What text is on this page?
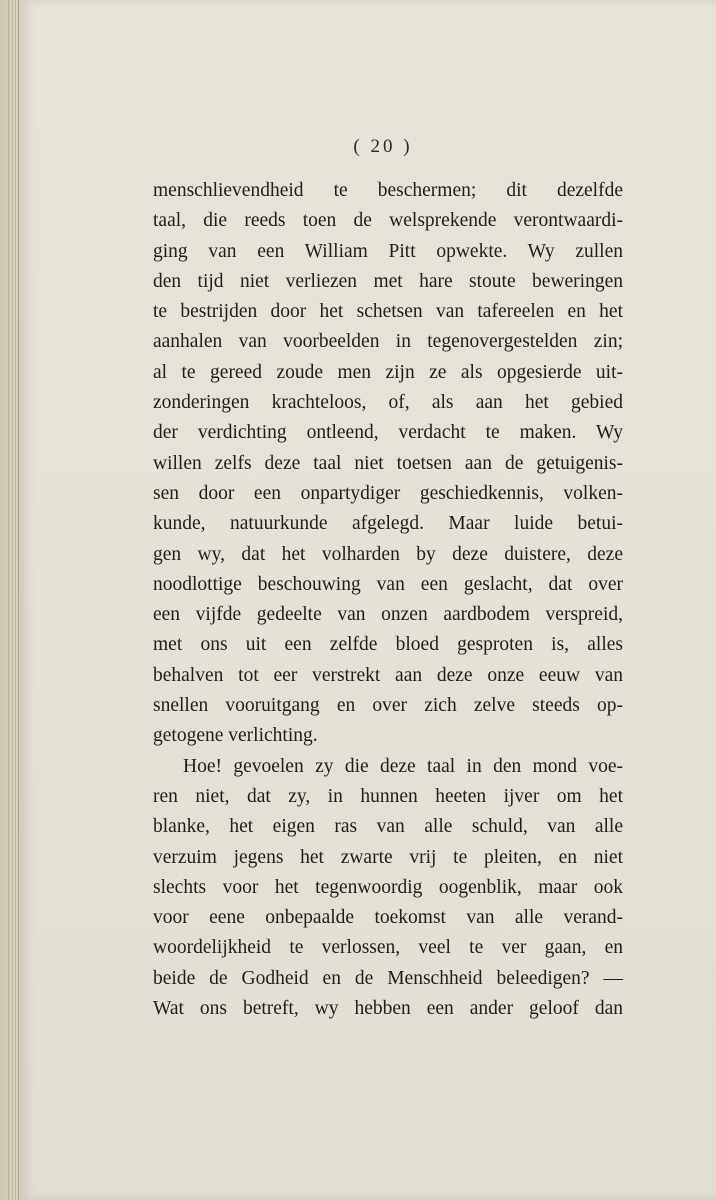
( 20 )
menschlievendheid te beschermen; dit dezelfde
taal, die reeds toen de welsprekende verontwaardi-
ging van een William Pitt opwekte. Wy zullen
den tijd niet verliezen met hare stoute beweringen
te bestrijden door het schetsen van tafereelen en het
aanhalen van voorbeelden in tegenovergestelden zin;
al te gereed zoude men zijn ze als opgesierde uit-
zonderingen krachteloos, of, als aan het gebied
der verdichting ontleend, verdacht te maken. Wy
willen zelfs deze taal niet toetsen aan de getuigenis-
sen door een onpartydiger geschiedkennis, volken-
kunde, natuurkunde afgelegd. Maar luide betui-
gen wy, dat het volharden by deze duistere, deze
noodlottige beschouwing van een geslacht, dat over
een vijfde gedeelte van onzen aardbodem verspreid,
met ons uit een zelfde bloed gesproten is, alles
behalven tot eer verstrekt aan deze onze eeuw van
snellen vooruitgang en over zich zelve steeds op-
getogene verlichting.
Hoe! gevoelen zy die deze taal in den mond voe-
ren niet, dat zy, in hunnen heeten ijver om het
blanke, het eigen ras van alle schuld, van alle
verzuim jegens het zwarte vrij te pleiten, en niet
slechts voor het tegenwoordig oogenblik, maar ook
voor eene onbepaalde toekomst van alle verand-
woordelijkheid te verlossen, veel te ver gaan, en
beide de Godheid en de Menschheid beleedigen? —
Wat ons betreft, wy hebben een ander geloof dan
